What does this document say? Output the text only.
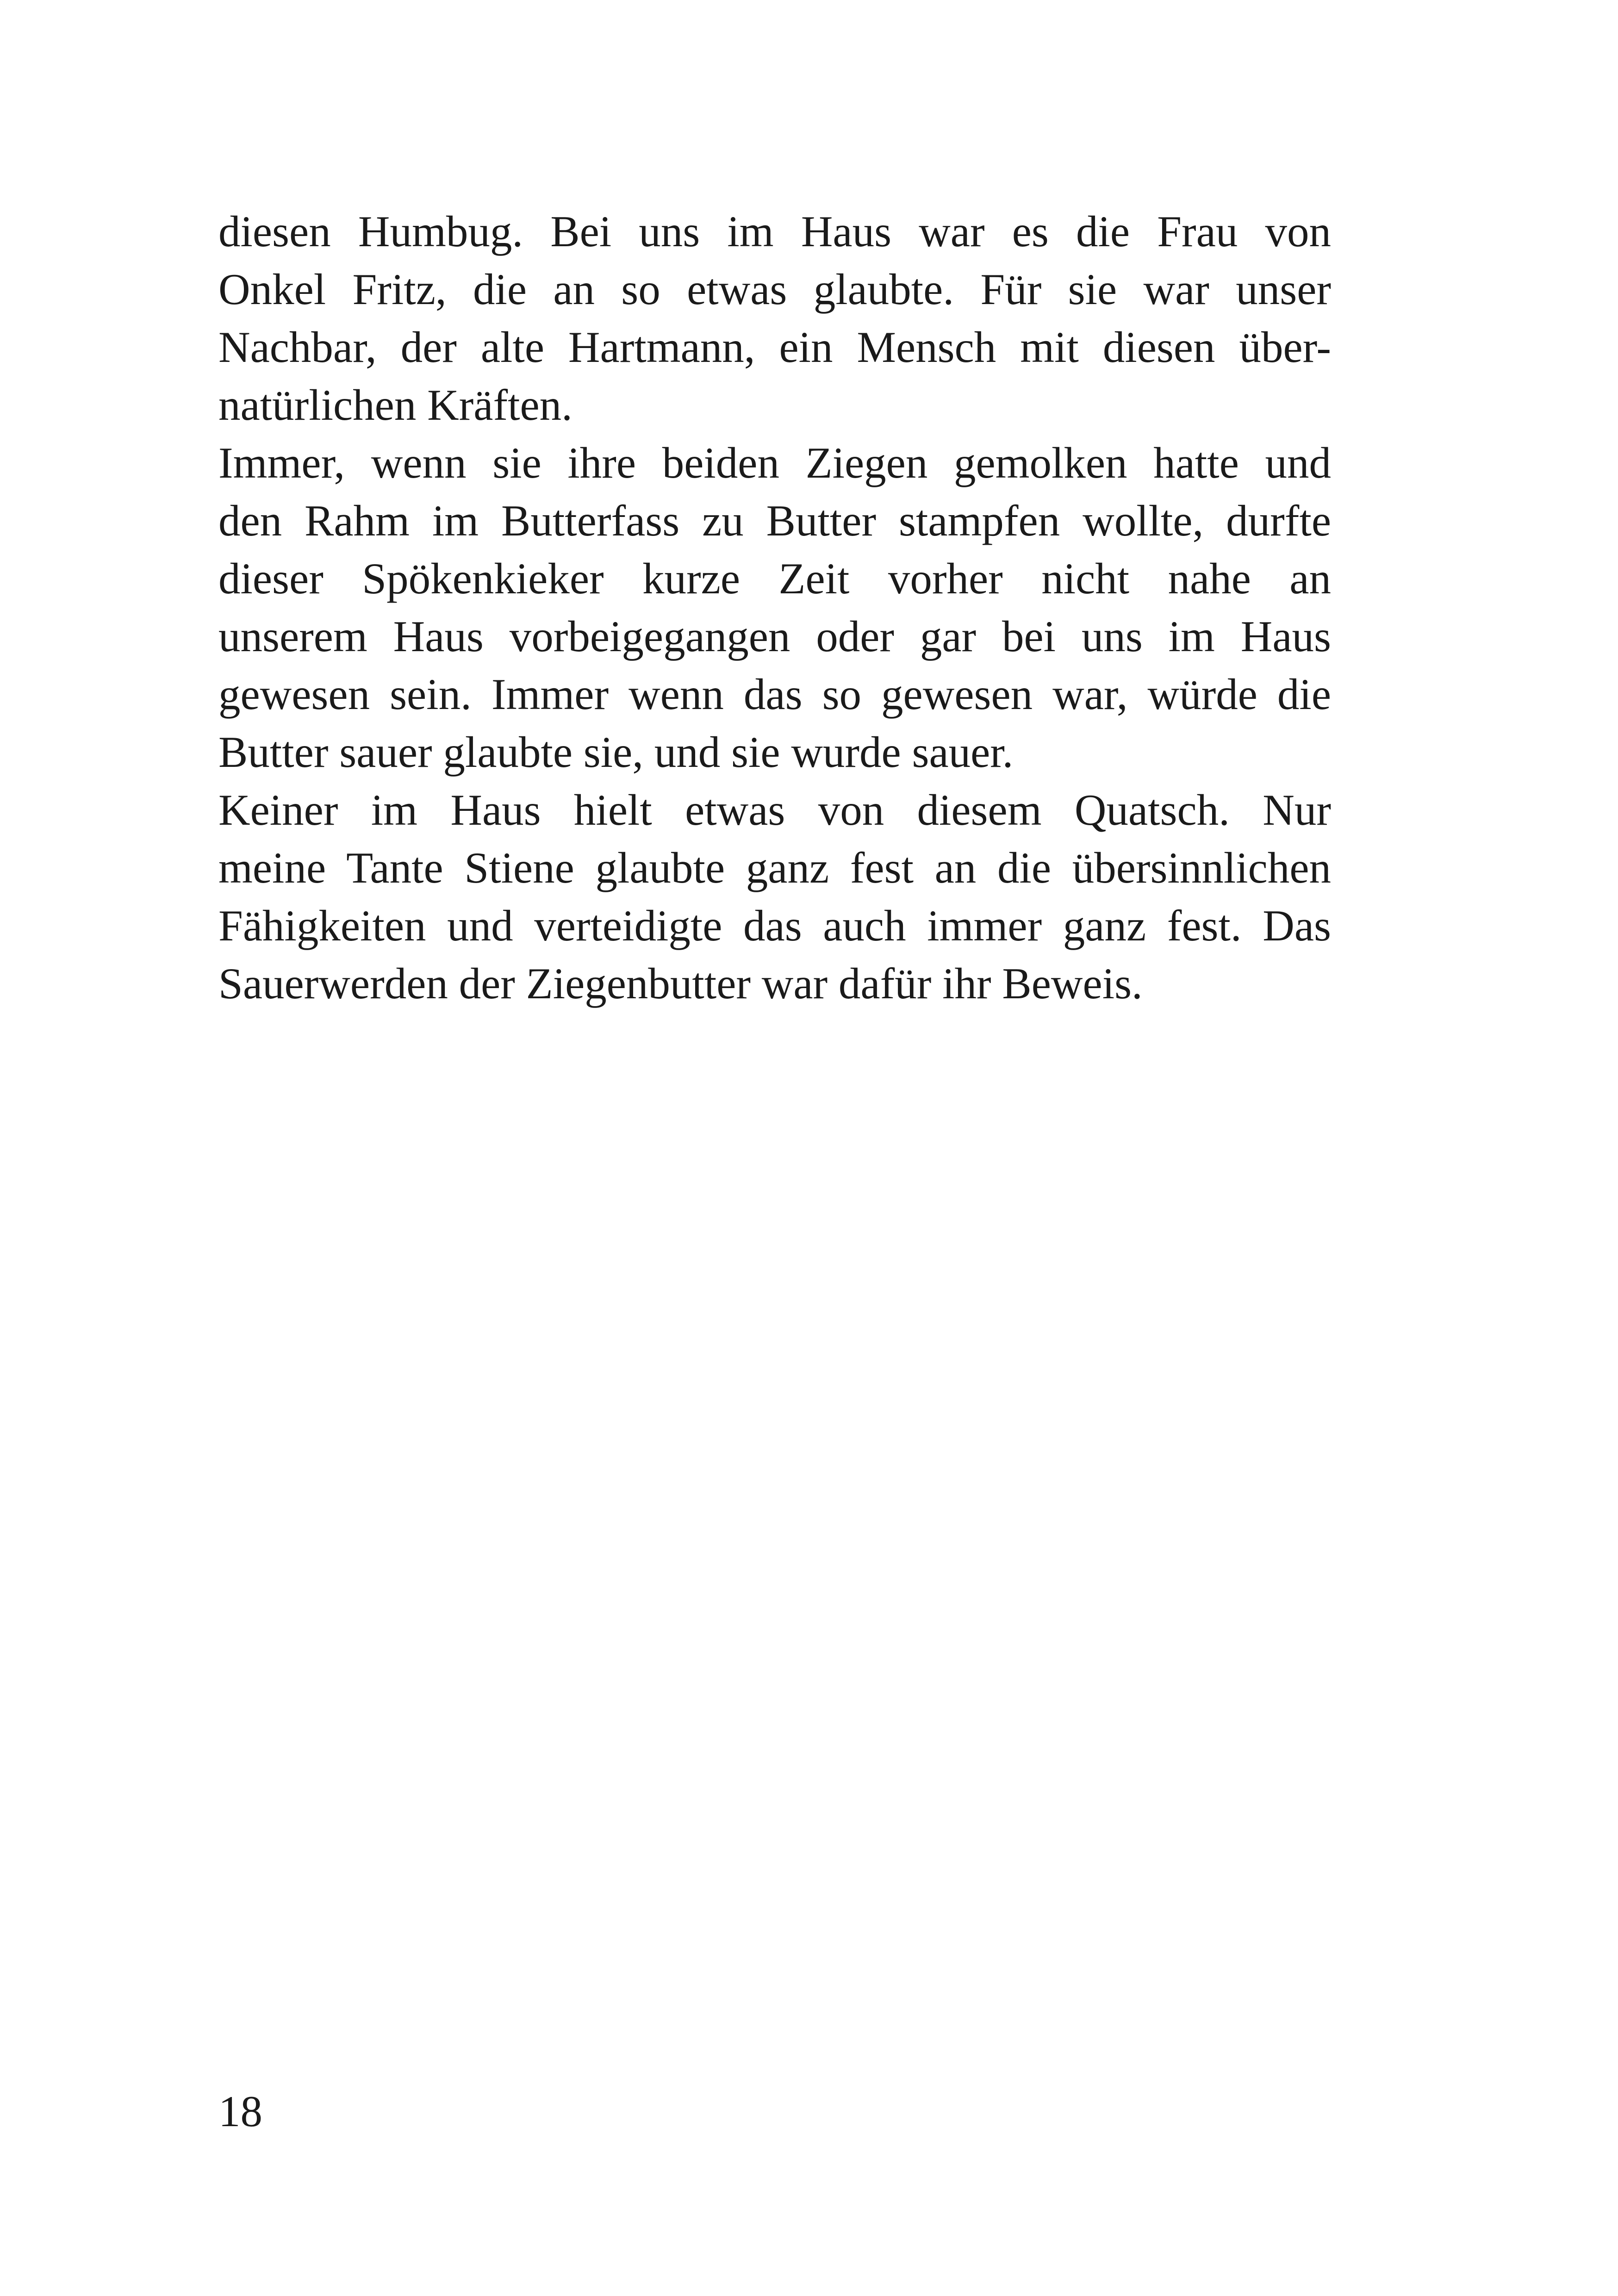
diesen Humbug. Bei uns im Haus war es die Frau von
Onkel Fritz, die an so etwas glaubte. Für sie war unser
Nachbar, der alte Hartmann, ein Mensch mit diesen über-
natürlichen Kräften.
Immer, wenn sie ihre beiden Ziegen gemolken hatte und
den Rahm im Butterfass zu Butter stampfen wollte, durfte
dieser Spökenkieker kurze Zeit vorher nicht nahe an
unserem Haus vorbeigegangen oder gar bei uns im Haus
gewesen sein. Immer wenn das so gewesen war, würde die
Butter sauer glaubte sie, und sie wurde sauer.
Keiner im Haus hielt etwas von diesem Quatsch. Nur
meine Tante Stiene glaubte ganz fest an die übersinnlichen
Fähigkeiten und verteidigte das auch immer ganz fest. Das
Sauerwerden der Ziegenbutter war dafür ihr Beweis.
18
